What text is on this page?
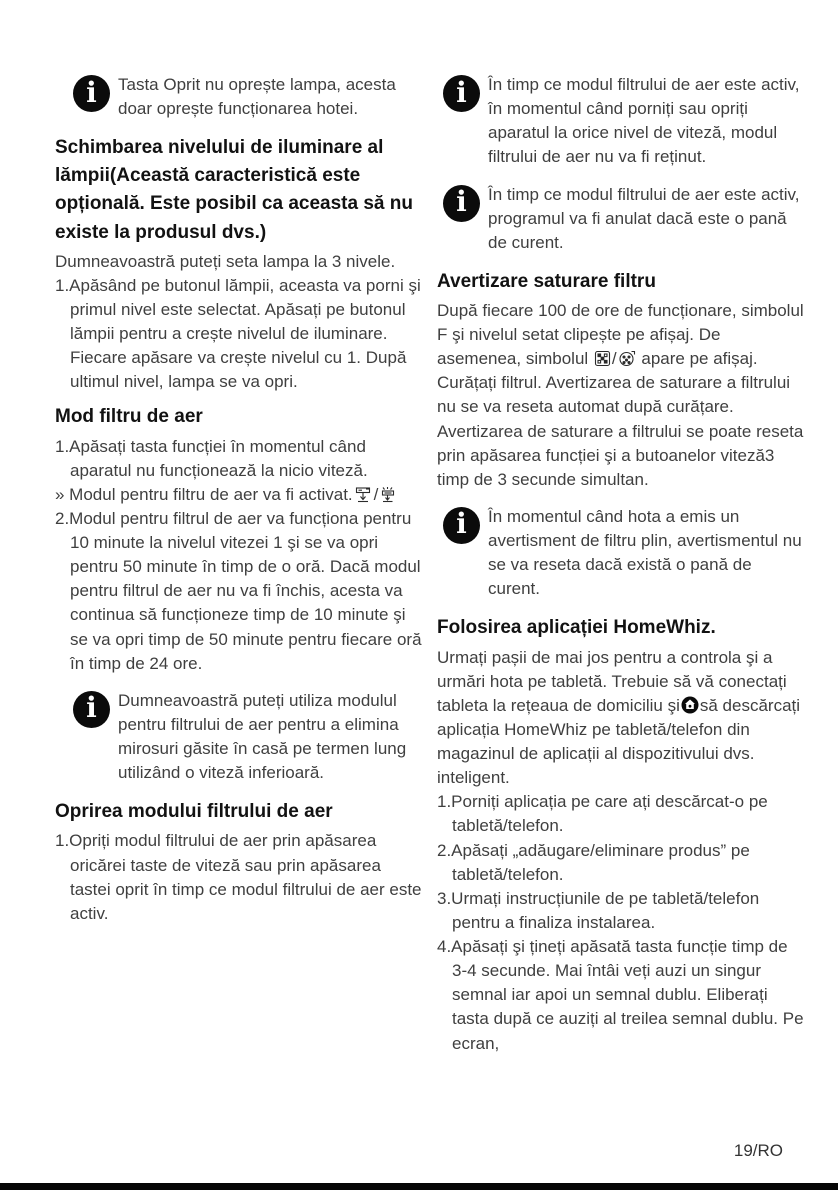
i	Tasta Oprit nu oprește lampa, acesta doar oprește funcționarea hotei.

Schimbarea nivelului de iluminare al lămpii(Această caracteristică este opțională. Este posibil ca aceasta să nu existe la produsul dvs.)

Dumneavoastră puteți seta lampa la 3 nivele.

1.Apăsând pe butonul lămpii, aceasta va porni şi primul nivel este selectat. Apăsați pe butonul lămpii pentru a crește nivelul de iluminare. Fiecare apăsare va crește nivelul cu 1. După ultimul nivel, lampa se va opri.

Mod filtru de aer

1.Apăsați tasta funcției în momentul când aparatul nu funcționează la nicio viteză.

» Modul pentru filtru de aer va fi activat. /

2.Modul pentru filtrul de aer va funcționa pentru 10 minute la nivelul vitezei 1 şi se va opri pentru 50 minute în timp de o oră. Dacă modul pentru filtrul de aer nu va fi închis, acesta va continua să funcționeze timp de 10 minute şi se va opri timp de 50 minute pentru fiecare oră în timp de 24 ore.

i	Dumneavoastră puteți utiliza modulul pentru filtrului de aer pentru a elimina mirosuri găsite în casă pe termen lung utilizând o viteză inferioară.

Oprirea modului filtrului de aer

1.Opriți modul filtrului de aer prin apăsarea oricărei taste de viteză sau prin apăsarea tastei oprit în timp ce modul filtrului de aer este activ.

i	În timp ce modul filtrului de aer este activ, în momentul când porniți sau opriți aparatul la orice nivel de viteză, modul filtrului de aer nu va fi reținut.

i	În timp ce modul filtrului de aer este activ, programul va fi anulat dacă este o pană de curent.

Avertizare saturare filtru

După fiecare 100 de ore de funcționare, simbolul F şi nivelul setat clipește pe afișaj. De asemenea, simbolul / apare pe afișaj. Curățați filtrul. Avertizarea de saturare a filtrului nu se va reseta automat după curățare. Avertizarea de saturare a filtrului se poate reseta prin apăsarea funcției şi a butoanelor viteză3 timp de 3 secunde simultan.

i	În momentul când hota a emis un avertisment de filtru plin, avertismentul nu se va reseta dacă există o pană de curent.

Folosirea aplicației HomeWhiz.

Urmați pașii de mai jos pentru a controla şi a urmări hota pe tabletă. Trebuie să vă conectați tableta la rețeaua de domiciliu şi să descărcați aplicația HomeWhiz pe tabletă/telefon din magazinul de aplicații al dispozitivului dvs. inteligent.

1.Porniți aplicația pe care ați descărcat-o pe tabletă/telefon.

2.Apăsați „adăugare/eliminare produs” pe tabletă/telefon.

3.Urmați instrucțiunile de pe tabletă/telefon pentru a finaliza instalarea.

4.Apăsați şi țineți apăsată tasta funcție timp de 3-4 secunde. Mai întâi veți auzi un singur semnal iar apoi un semnal dublu. Eliberați tasta după ce auziți al treilea semnal dublu. Pe ecran,

19/RO
